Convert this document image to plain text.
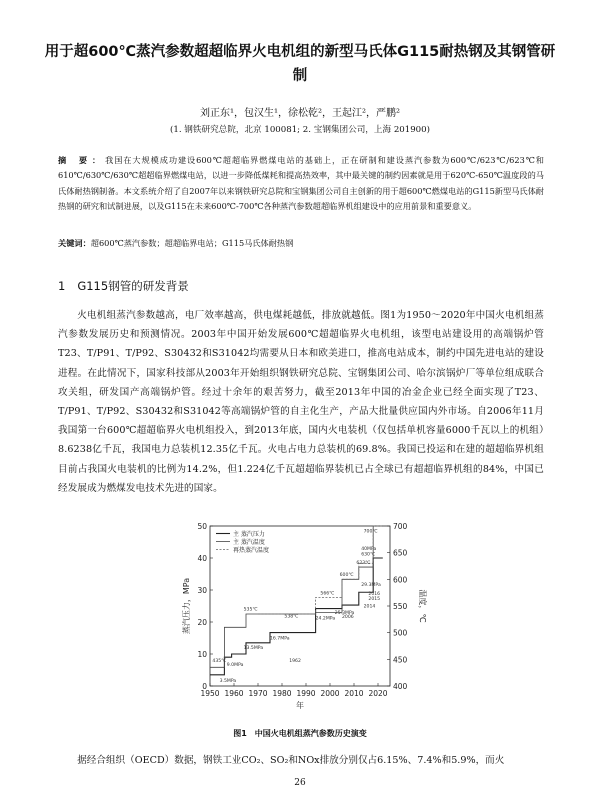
用于超600℃蒸汽参数超超临界火电机组的新型马氏体G115耐热钢及其钢管研制
刘正东¹，包汉生¹，徐松乾²，王起江²，严鹏²
(1. 钢铁研究总院，北京 100081; 2. 宝钢集团公司，上海 201900)
摘 要：我国在大规模成功建设600℃超超临界燃煤电站的基础上，正在研制和建设蒸汽参数为600℃/623℃/623℃和610℃/630℃/630℃超超临界燃煤电站，以进一步降低煤耗和提高热效率，其中最关键的制约因素就是用于620℃-650℃温度段的马氏体耐热钢制备。本文系统介绍了自2007年以来钢铁研究总院和宝钢集团公司自主创新的用于超600℃燃煤电站的G115新型马氏体耐热钢的研究和试制进展，以及G115在未来600℃-700℃各种蒸汽参数超超临界机组建设中的应用前景和重要意义。
关键词：超600℃蒸汽参数；超超临界电站；G115马氏体耐热钢
1 G115钢管的研发背景
火电机组蒸汽参数越高，电厂效率越高，供电煤耗越低，排放就越低。图1为1950～2020年中国火电机组蒸汽参数发展历史和预测情况。2003年中国开始发展600℃超超临界火电机组，该型电站建设用的高端锅炉管T23、T/P91、T/P92、S30432和S31042均需要从日本和欧美进口，推高电站成本，制约中国先进电站的建设进程。在此情况下，国家科技部从2003年开始组织钢铁研究总院、宝钢集团公司、哈尔滨锅炉厂等单位组成联合攻关组，研发国产高端锅炉管。经过十余年的艰苦努力，截至2013年中国的冶金企业已经全面实现了T23、T/P91、T/P92、S30432和S31042等高端锅炉管的自主化生产，产品大批量供应国内外市场。自2006年11月我国第一台600℃超超临界火电机组投入，到2013年底，国内火电装机（仅包括单机容量6000千瓦以上的机组）8.6238亿千瓦，我国电力总装机12.35亿千瓦。火电占电力总装机的69.8%。我国已投运和在建的超超临界机组目前占我国火电装机的比例为14.2%，但1.224亿千瓦超超临界装机已占全球已有超超临界机组的84%，中国已经发展成为燃煤发电技术先进的国家。
1950 1960 1970 1980 1990 2000 2010 2020
0
10
20
30
40
50
400
450
500
550
600
650
700
年
蒸汽压力，MPa	温度，℃
主 蒸汽压力
主 蒸汽温度
再热蒸汽温度
435℃
3.5MPa
9.0MPa
13.5MPa
16.7MPa
24.2MPa
535℃
538℃
566℃
600℃
25.3MPa
623℃
630℃
29.3MPa
40MPa
700℃
1962
2006
2014
2016
2015
图1　中国火电机组蒸汽参数历史演变
据经合组织（OECD）数据，钢铁工业CO₂、SO₂和NOx排放分别仅占6.15%、7.4%和5.9%，而火
26
